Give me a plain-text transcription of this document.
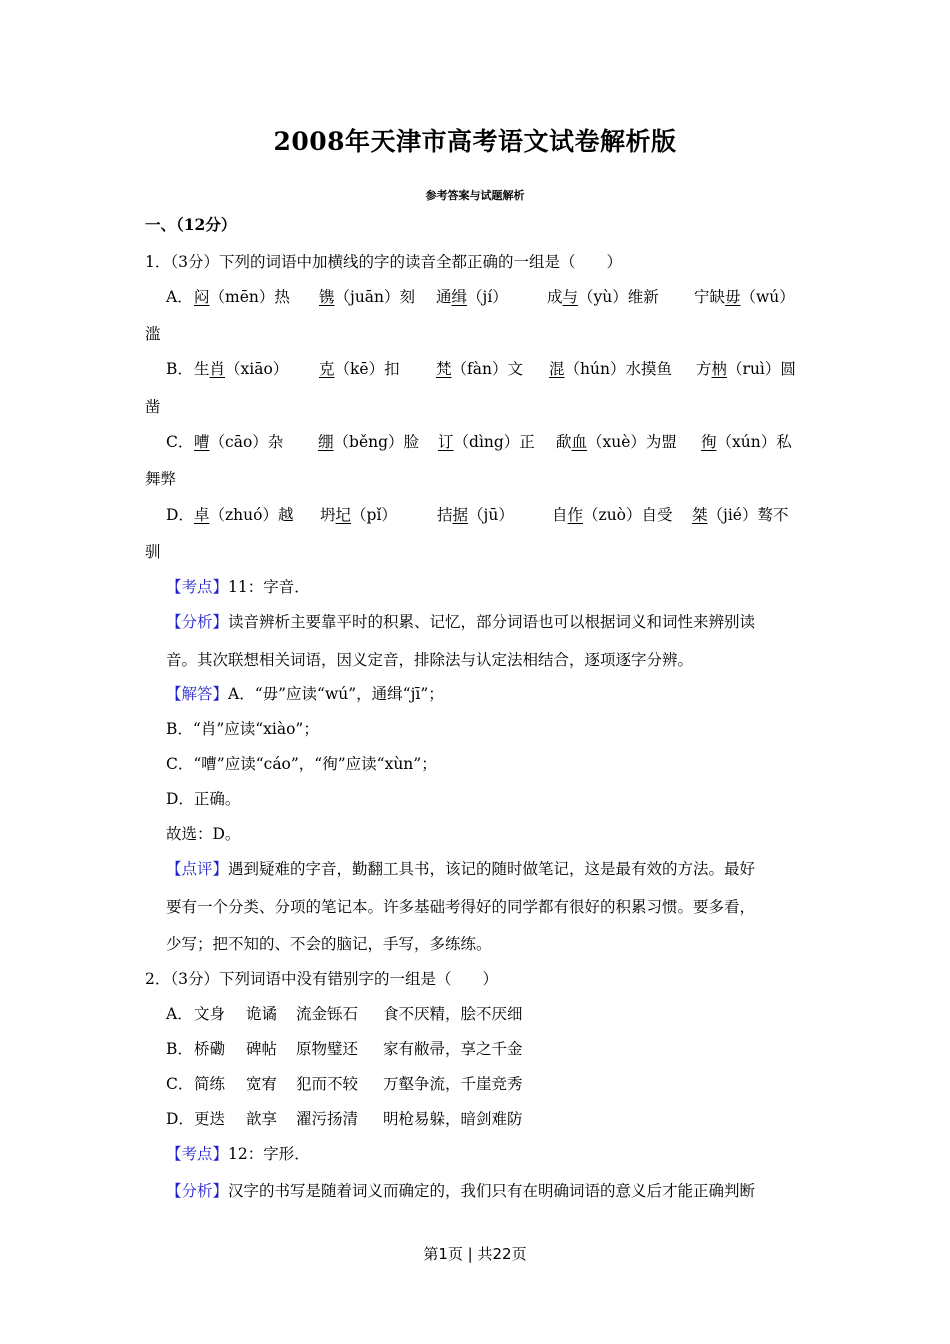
2008年天津市高考语文试卷解析版
参考答案与试题解析
一、（12分）
1．（3分）下列的词语中加横线的字的读音全都正确的一组是（　　）
A． 闷（mēn）热 镌（juān）刻 通缉（jí）	成与（yù）维新 宁缺毋（wú）
滥
B． 生肖（xiāo） 克（kē）扣 梵（fàn）文 混（hún）水摸鱼 方枘（ruì）圆
凿
C． 嘈（cāo）杂 绷（běng）脸 订（dìng）正 歃血（xuè）为盟 徇（xún）私
舞弊
D． 卓（zhuó）越 坍圮（pǐ）	拮据（jū） 自作（zuò）自受 桀（jié）骜不
驯
【考点】11：字音．
【分析】读音辨析主要靠平时的积累、记忆，部分词语也可以根据词义和词性来辨别读
音。其次联想相关词语，因义定音，排除法与认定法相结合，逐项逐字分辨。
【解答】A．“毋”应读“wú”，通缉“jī”；
B．“肖”应读“xiào”；
C．“嘈”应读“cáo”，“徇”应读“xùn”；
D．正确。
故选：D。
【点评】遇到疑难的字音，勤翻工具书，该记的随时做笔记，这是最有效的方法。最好
要有一个分类、分项的笔记本。许多基础考得好的同学都有很好的积累习惯。要多看，
少写；把不知的、不会的脑记，手写，多练练。
2．（3分）下列词语中没有错别字的一组是（　　）
A． 文身 诡谲 流金铄石 食不厌精，脍不厌细
B． 桥磡 碑帖 原物璧还 家有敝帚，享之千金
C． 简练 宽宥 犯而不较 万壑争流，千崖竞秀
D． 更迭 歆享 濯污扬清 明枪易躲，暗剑难防
【考点】12：字形．
【分析】汉字的书写是随着词义而确定的，我们只有在明确词语的意义后才能正确判断
第1页 | 共22页
